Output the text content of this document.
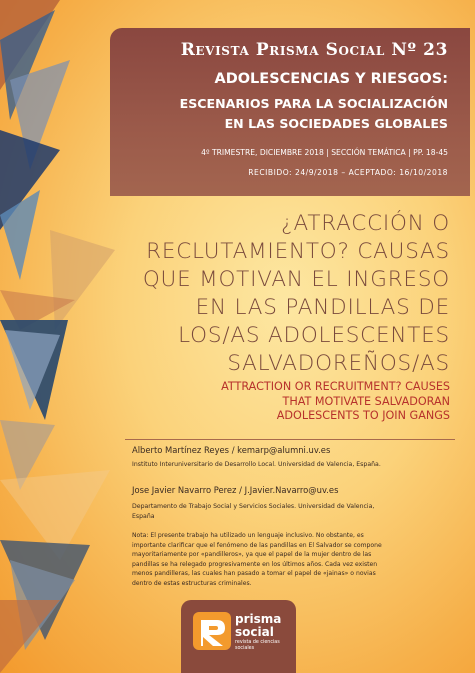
Revista Prisma Social Nº 23
ADOLESCENCIAS Y RIESGOS:
ESCENARIOS PARA LA SOCIALIZACIÓN
EN LAS SOCIEDADES GLOBALES
4º TRIMESTRE, DICIEMBRE 2018 | SECCIÓN TEMÁTICA | PP. 18-45
RECIBIDO: 24/9/2018 – ACEPTADO: 16/10/2018
¿ATRACCIÓN O
RECLUTAMIENTO? CAUSAS
QUE MOTIVAN EL INGRESO
EN LAS PANDILLAS DE
LOS/AS ADOLESCENTES
SALVADOREÑOS/AS
ATTRACTION OR RECRUITMENT? CAUSES
THAT MOTIVATE SALVADORAN
ADOLESCENTS TO JOIN GANGS
Alberto Martínez Reyes / kemarp@alumni.uv.es
Instituto Interuniversitario de Desarrollo Local. Universidad de Valencia, España.
Jose Javier Navarro Perez / J.Javier.Navarro@uv.es
Departamento de Trabajo Social y Servicios Sociales. Universidad de Valencia,
España
Nota: El presente trabajo ha utilizado un lenguaje inclusivo. No obstante, es
importante clarificar que el fenómeno de las pandillas en El Salvador se compone
mayoritariamente por «pandilleros», ya que el papel de la mujer dentro de las
pandillas se ha relegado progresivamente en los últimos años. Cada vez existen
menos pandilleras, las cuales han pasado a tomar el papel de «jainas» o novias
dentro de estas estructuras criminales.
prisma
social
revista de ciencias sociales
